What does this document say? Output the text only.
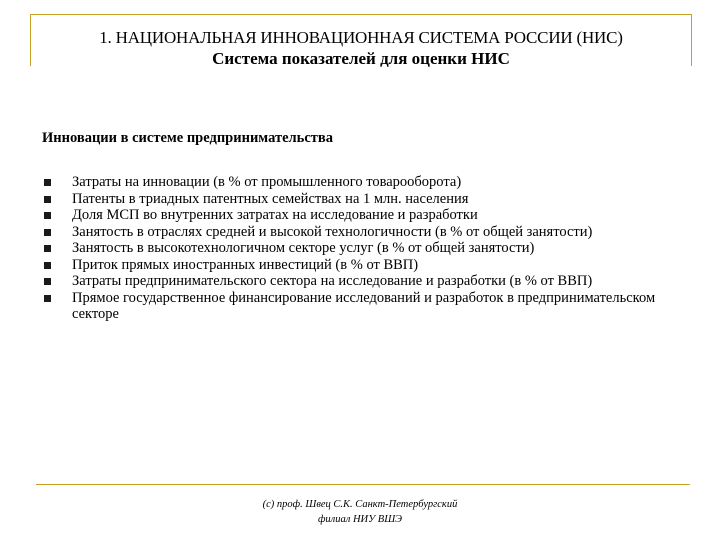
1. НАЦИОНАЛЬНАЯ ИННОВАЦИОННАЯ СИСТЕМА РОССИИ (НИС)
Система показателей для оценки НИС
Инновации в системе предпринимательства
Затраты на инновации (в % от промышленного товарооборота)
Патенты в триадных патентных семействах на 1 млн. населения
Доля МСП во внутренних затратах на исследование и разработки
Занятость в отраслях средней и высокой технологичности (в % от общей занятости)
Занятость в высокотехнологичном секторе услуг (в % от общей занятости)
Приток прямых иностранных инвестиций (в % от ВВП)
Затраты предпринимательского сектора на исследование и разработки (в % от ВВП)
Прямое государственное финансирование исследований и разработок в предпринимательском секторе
(c) проф. Швец С.К. Санкт-Петербургский
филиал НИУ ВШЭ
